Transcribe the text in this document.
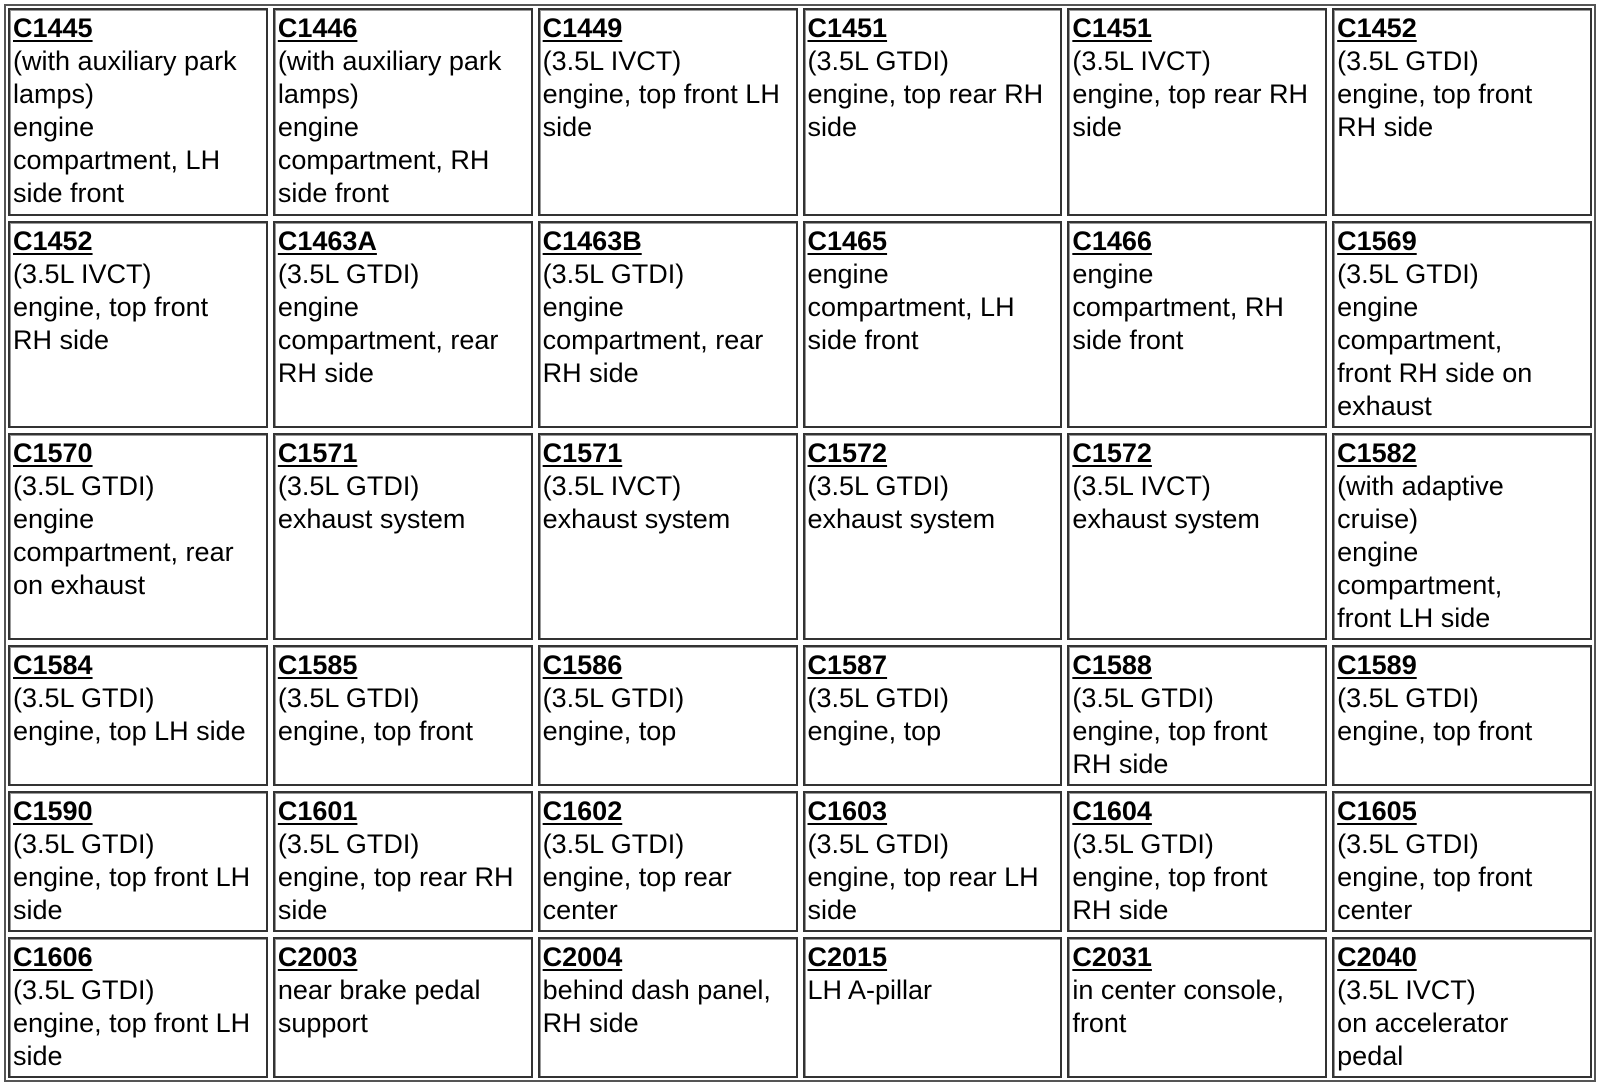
C1445
(with auxiliary park
lamps)
engine
compartment, LH
side front
C1446
(with auxiliary park
lamps)
engine
compartment, RH
side front
C1449
(3.5L IVCT)
engine, top front LH
side
C1451
(3.5L GTDI)
engine, top rear RH
side
C1451
(3.5L IVCT)
engine, top rear RH
side
C1452
(3.5L GTDI)
engine, top front
RH side
C1452
(3.5L IVCT)
engine, top front
RH side
C1463A
(3.5L GTDI)
engine
compartment, rear
RH side
C1463B
(3.5L GTDI)
engine
compartment, rear
RH side
C1465
engine
compartment, LH
side front
C1466
engine
compartment, RH
side front
C1569
(3.5L GTDI)
engine
compartment,
front RH side on
exhaust
C1570
(3.5L GTDI)
engine
compartment, rear
on exhaust
C1571
(3.5L GTDI)
exhaust system
C1571
(3.5L IVCT)
exhaust system
C1572
(3.5L GTDI)
exhaust system
C1572
(3.5L IVCT)
exhaust system
C1582
(with adaptive
cruise)
engine
compartment,
front LH side
C1584
(3.5L GTDI)
engine, top LH side
C1585
(3.5L GTDI)
engine, top front
C1586
(3.5L GTDI)
engine, top
C1587
(3.5L GTDI)
engine, top
C1588
(3.5L GTDI)
engine, top front
RH side
C1589
(3.5L GTDI)
engine, top front
C1590
(3.5L GTDI)
engine, top front LH
side
C1601
(3.5L GTDI)
engine, top rear RH
side
C1602
(3.5L GTDI)
engine, top rear
center
C1603
(3.5L GTDI)
engine, top rear LH
side
C1604
(3.5L GTDI)
engine, top front
RH side
C1605
(3.5L GTDI)
engine, top front
center
C1606
(3.5L GTDI)
engine, top front LH
side
C2003
near brake pedal
support
C2004
behind dash panel,
RH side
C2015
LH A-pillar
C2031
in center console,
front
C2040
(3.5L IVCT)
on accelerator
pedal
